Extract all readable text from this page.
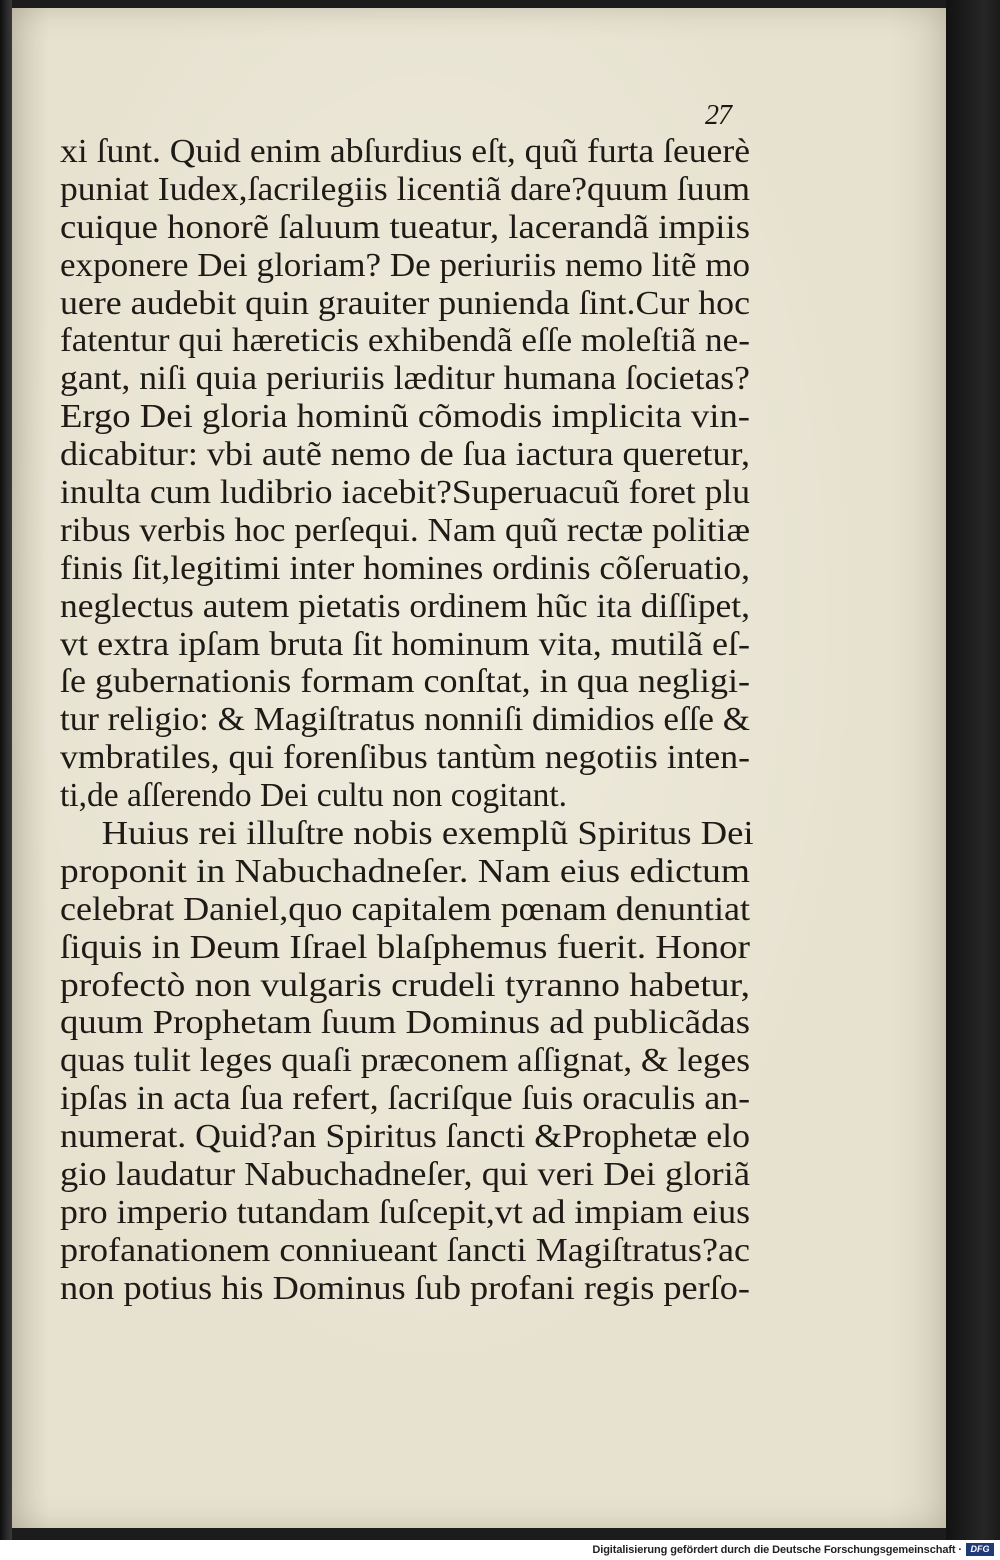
27
xi ſunt. Quid enim abſurdius eſt, quũ furta ſeuerè
puniat Iudex,ſacrilegiis licentiã dare?quum ſuum
cuique honorẽ ſaluum tueatur, lacerandã impiis
exponere Dei gloriam? De periuriis nemo litẽ mo
uere audebit quin grauiter punienda ſint.Cur hoc
fatentur qui hæreticis exhibendã eſſe moleſtiã ne-
gant, niſi quia periuriis læditur humana ſocietas?
Ergo Dei gloria hominũ cõmodis implicita vin-
dicabitur: vbi autẽ nemo de ſua iactura queretur,
inulta cum ludibrio iacebit?Superuacuũ foret plu
ribus verbis hoc perſequi. Nam quũ rectæ politiæ
finis ſit,legitimi inter homines ordinis cõſeruatio,
neglectus autem pietatis ordinem hũc ita diſſipet,
vt extra ipſam bruta ſit hominum vita, mutilã eſ-
ſe gubernationis formam conſtat, in qua negligi-
tur religio: & Magiſtratus nonniſi dimidios eſſe &
vmbratiles, qui forenſibus tantùm negotiis inten-
ti,de aſſerendo Dei cultu non cogitant.
Huius rei illuſtre nobis exemplũ Spiritus Dei
proponit in Nabuchadneſer. Nam eius edictum
celebrat Daniel,quo capitalem pœnam denuntiat
ſiquis in Deum Iſrael blaſphemus fuerit. Honor
profectò non vulgaris crudeli tyranno habetur,
quum Prophetam ſuum Dominus ad publicãdas
quas tulit leges quaſi præconem aſſignat, & leges
ipſas in acta ſua refert, ſacriſque ſuis oraculis an-
numerat. Quid?an Spiritus ſancti &Prophetæ elo
gio laudatur Nabuchadneſer, qui veri Dei gloriã
pro imperio tutandam ſuſcepit,vt ad impiam eius
profanationem conniueant ſancti Magiſtratus?ac
non potius his Dominus ſub profani regis perſo-
Digitalisierung gefördert durch die Deutsche Forschungsgemeinschaft · DFG
